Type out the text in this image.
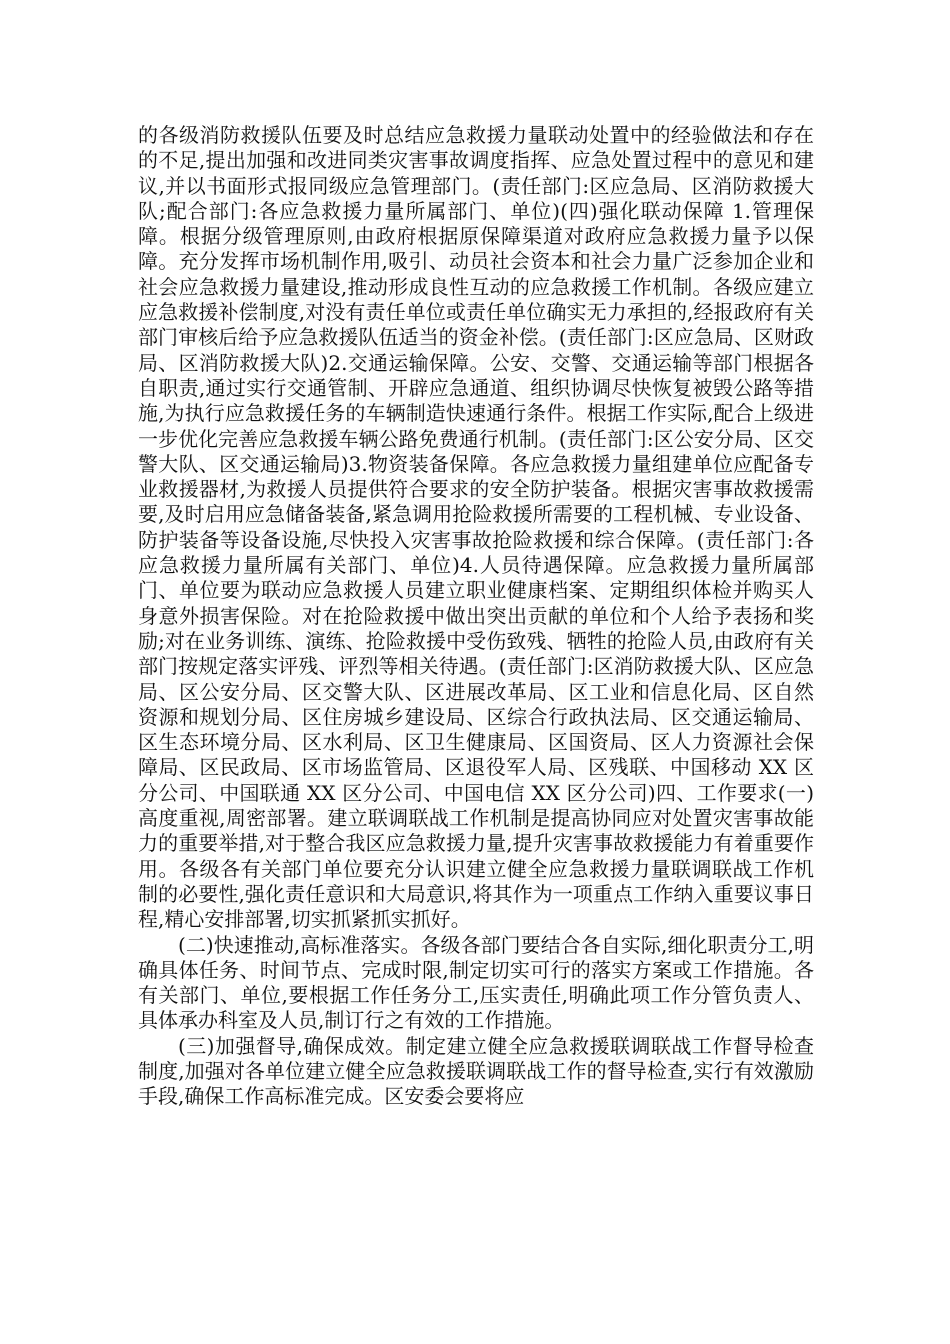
的各级消防救援队伍要及时总结应急救援力量联动处置中的经验做法和存在的不足,提出加强和改进同类灾害事故调度指挥、应急处置过程中的意见和建议,并以书面形式报同级应急管理部门。(责任部门:区应急局、区消防救援大队;配合部门:各应急救援力量所属部门、单位)(四)强化联动保障 1.管理保障。根据分级管理原则,由政府根据原保障渠道对政府应急救援力量予以保障。充分发挥市场机制作用,吸引、动员社会资本和社会力量广泛参加企业和社会应急救援力量建设,推动形成良性互动的应急救援工作机制。各级应建立应急救援补偿制度,对没有责任单位或责任单位确实无力承担的,经报政府有关部门审核后给予应急救援队伍适当的资金补偿。(责任部门:区应急局、区财政局、区消防救援大队)2.交通运输保障。公安、交警、交通运输等部门根据各自职责,通过实行交通管制、开辟应急通道、组织协调尽快恢复被毁公路等措施,为执行应急救援任务的车辆制造快速通行条件。根据工作实际,配合上级进一步优化完善应急救援车辆公路免费通行机制。(责任部门:区公安分局、区交警大队、区交通运输局)3.物资装备保障。各应急救援力量组建单位应配备专业救援器材,为救援人员提供符合要求的安全防护装备。根据灾害事故救援需要,及时启用应急储备装备,紧急调用抢险救援所需要的工程机械、专业设备、防护装备等设备设施,尽快投入灾害事故抢险救援和综合保障。(责任部门:各应急救援力量所属有关部门、单位)4.人员待遇保障。应急救援力量所属部门、单位要为联动应急救援人员建立职业健康档案、定期组织体检并购买人身意外损害保险。对在抢险救援中做出突出贡献的单位和个人给予表扬和奖励;对在业务训练、演练、抢险救援中受伤致残、牺牲的抢险人员,由政府有关部门按规定落实评残、评烈等相关待遇。(责任部门:区消防救援大队、区应急局、区公安分局、区交警大队、区进展改革局、区工业和信息化局、区自然资源和规划分局、区住房城乡建设局、区综合行政执法局、区交通运输局、区生态环境分局、区水利局、区卫生健康局、区国资局、区人力资源社会保障局、区民政局、区市场监管局、区退役军人局、区残联、中国移动 XX 区分公司、中国联通 XX 区分公司、中国电信 XX 区分公司)四、工作要求(一)高度重视,周密部署。建立联调联战工作机制是提高协同应对处置灾害事故能力的重要举措,对于整合我区应急救援力量,提升灾害事故救援能力有着重要作用。各级各有关部门单位要充分认识建立健全应急救援力量联调联战工作机制的必要性,强化责任意识和大局意识,将其作为一项重点工作纳入重要议事日程,精心安排部署,切实抓紧抓实抓好。

(二)快速推动,高标准落实。各级各部门要结合各自实际,细化职责分工,明确具体任务、时间节点、完成时限,制定切实可行的落实方案或工作措施。各有关部门、单位,要根据工作任务分工,压实责任,明确此项工作分管负责人、具体承办科室及人员,制订行之有效的工作措施。

(三)加强督导,确保成效。制定建立健全应急救援联调联战工作督导检查制度,加强对各单位建立健全应急救援联调联战工作的督导检查,实行有效激励手段,确保工作高标准完成。区安委会要将应
